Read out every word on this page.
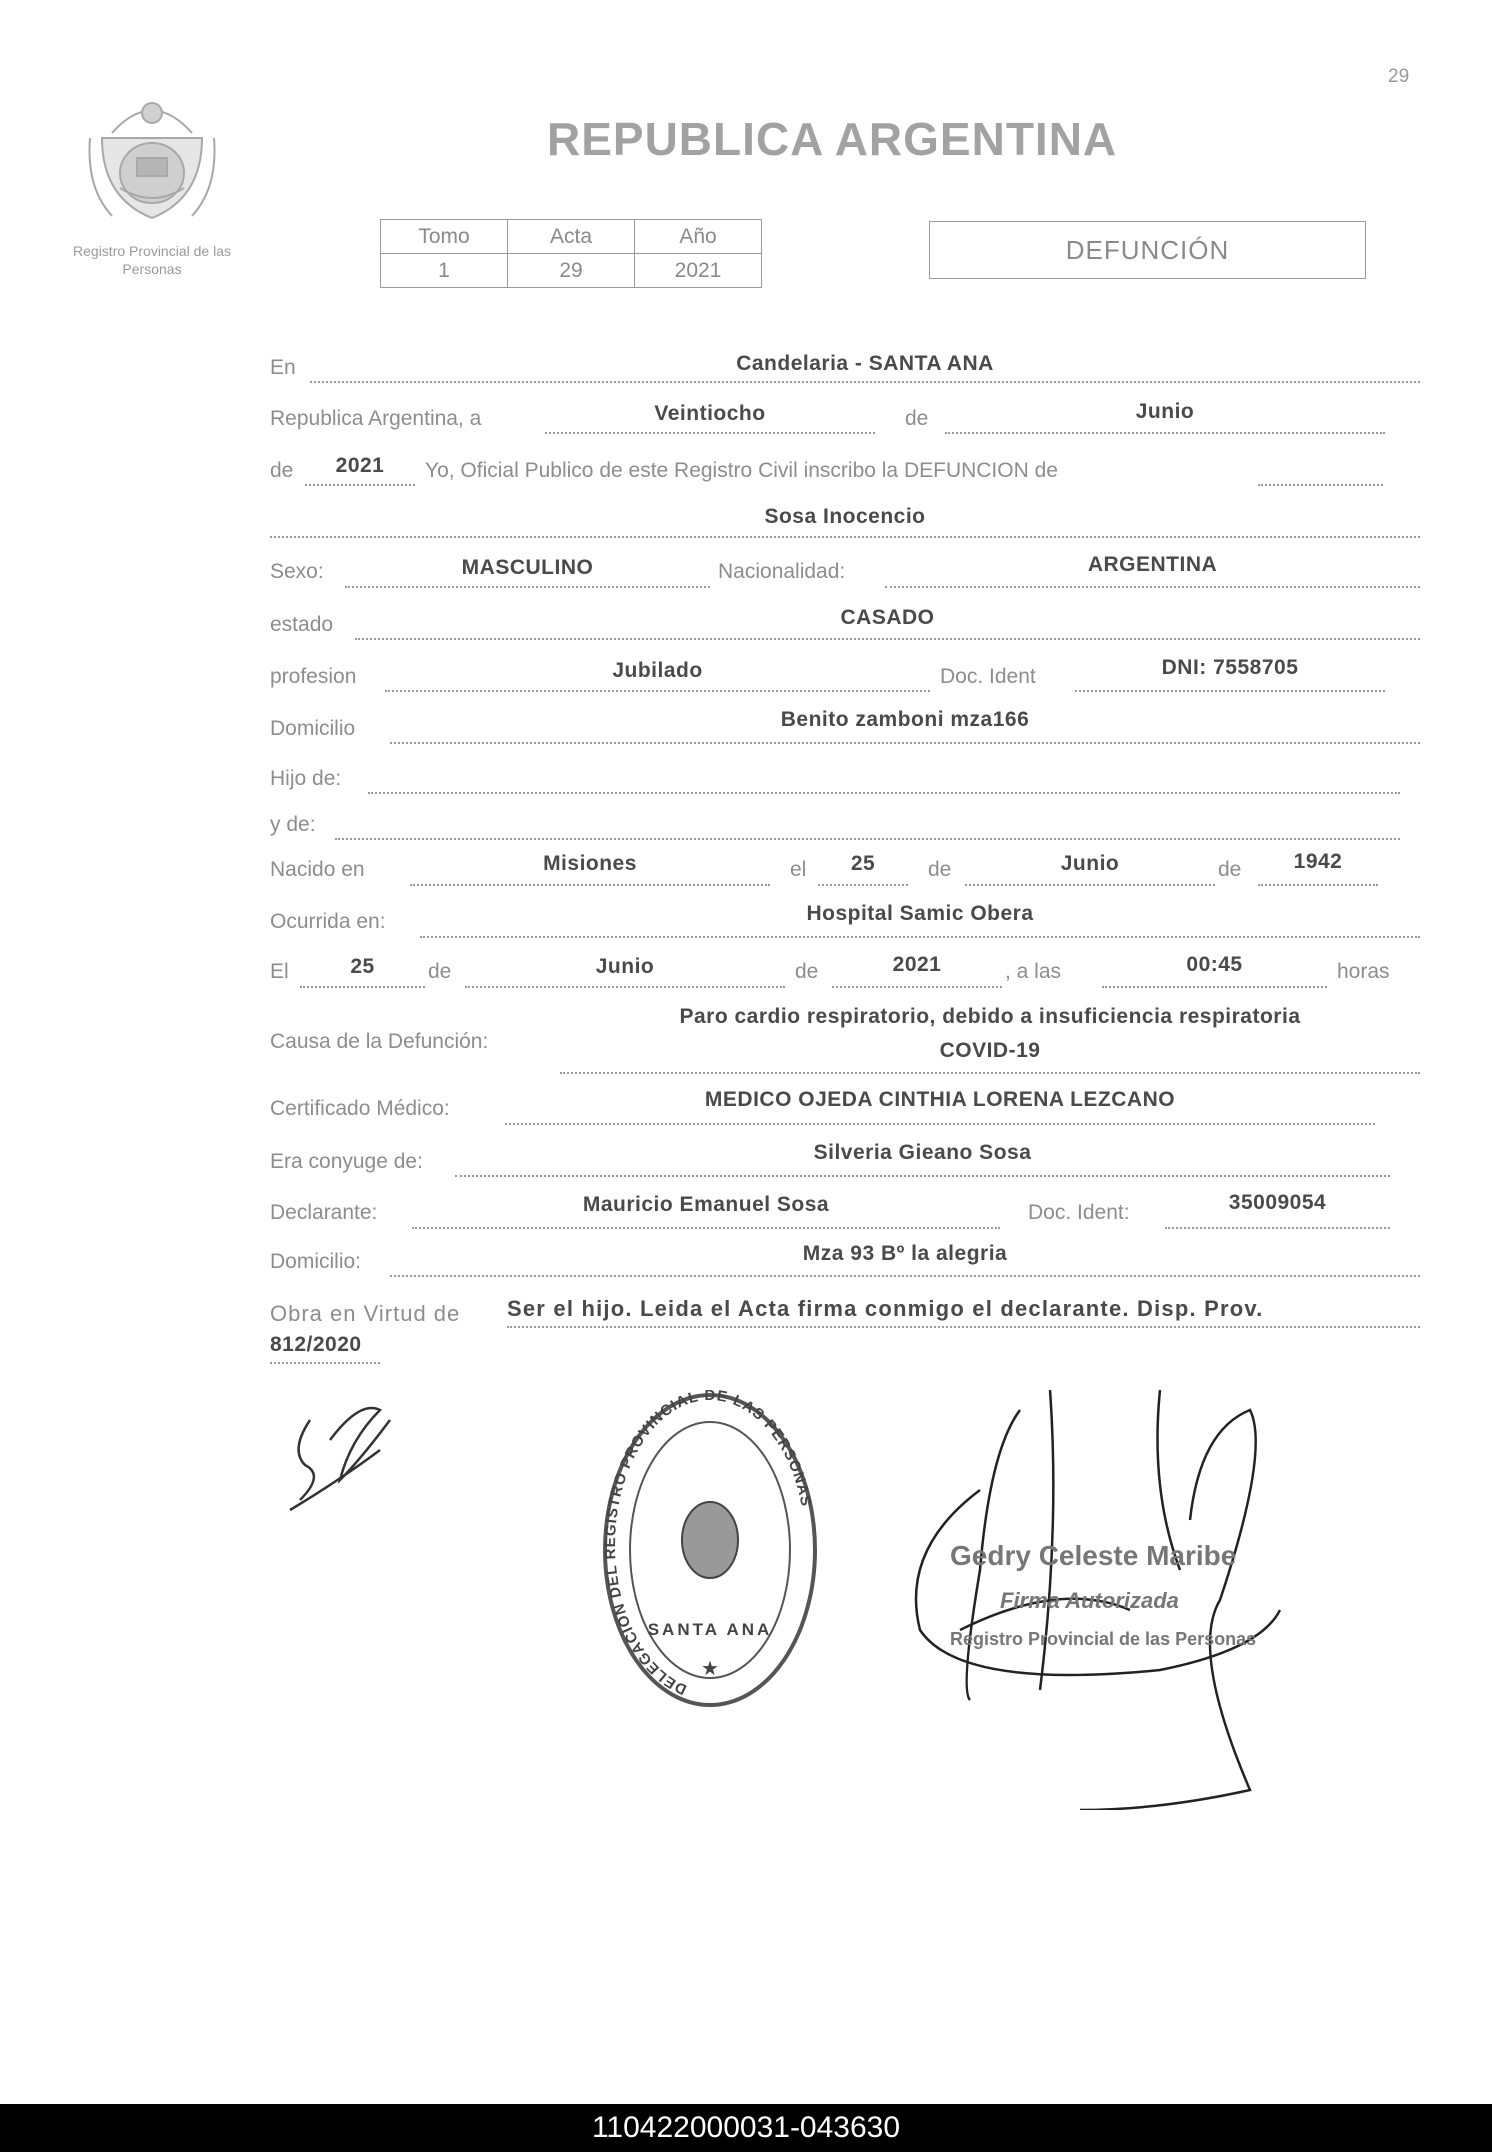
29
Registro Provincial de las Personas
REPUBLICA ARGENTINA
Tomo	Acta	Año
1	29	2021
DEFUNCIÓN
En	Candelaria - SANTA ANA
Republica Argentina, a	Veintiocho	de	Junio
de	2021	Yo, Oficial Publico de este Registro Civil inscribo la DEFUNCION de
Sosa Inocencio
Sexo:	MASCULINO	Nacionalidad:	ARGENTINA
estado	CASADO
profesion	Jubilado	Doc. Ident	DNI: 7558705
Domicilio	Benito zamboni mza166
Hijo de:
y de:
Nacido en	Misiones	el	25	de	Junio	de	1942
Ocurrida en:	Hospital Samic Obera
El	25	de	Junio	de	2021	, a las	00:45	horas
Causa de la Defunción:
Paro cardio respiratorio, debido a insuficiencia respiratoria
COVID-19
Certificado Médico:	MEDICO OJEDA CINTHIA LORENA LEZCANO
Era conyuge de:	Silveria Gieano Sosa
Declarante:	Mauricio Emanuel Sosa	Doc. Ident:	35009054
Domicilio:	Mza 93 Bº la alegria
Obra en Virtud de Ser el hijo. Leida el Acta firma conmigo el declarante. Disp. Prov.
812/2020
DELEGACION DEL REGISTRO PROVINCIAL DE LAS PERSONAS
SANTA ANA
★
Gedry Celeste Maribe
Firma Autorizada
Registro Provincial de las Personas
110422000031-043630
